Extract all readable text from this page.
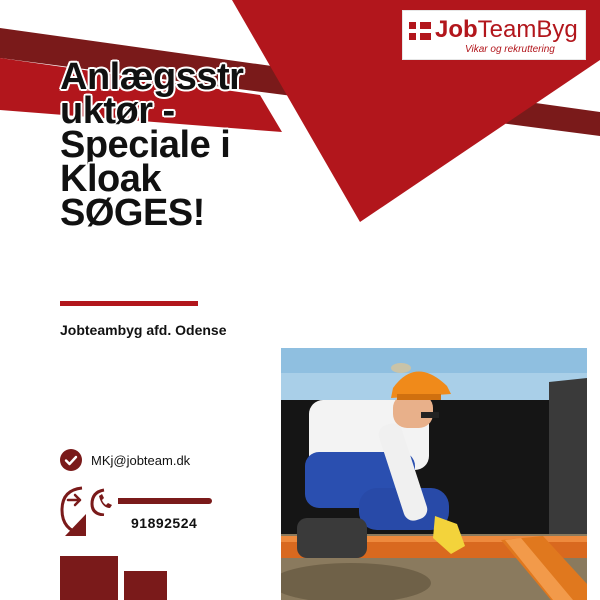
JobTeamByg
Vikar og rekruttering
Anlægsstruktør - Speciale i Kloak SØGES!
Jobteambyg afd. Odense
MKj@jobteam.dk
91892524
